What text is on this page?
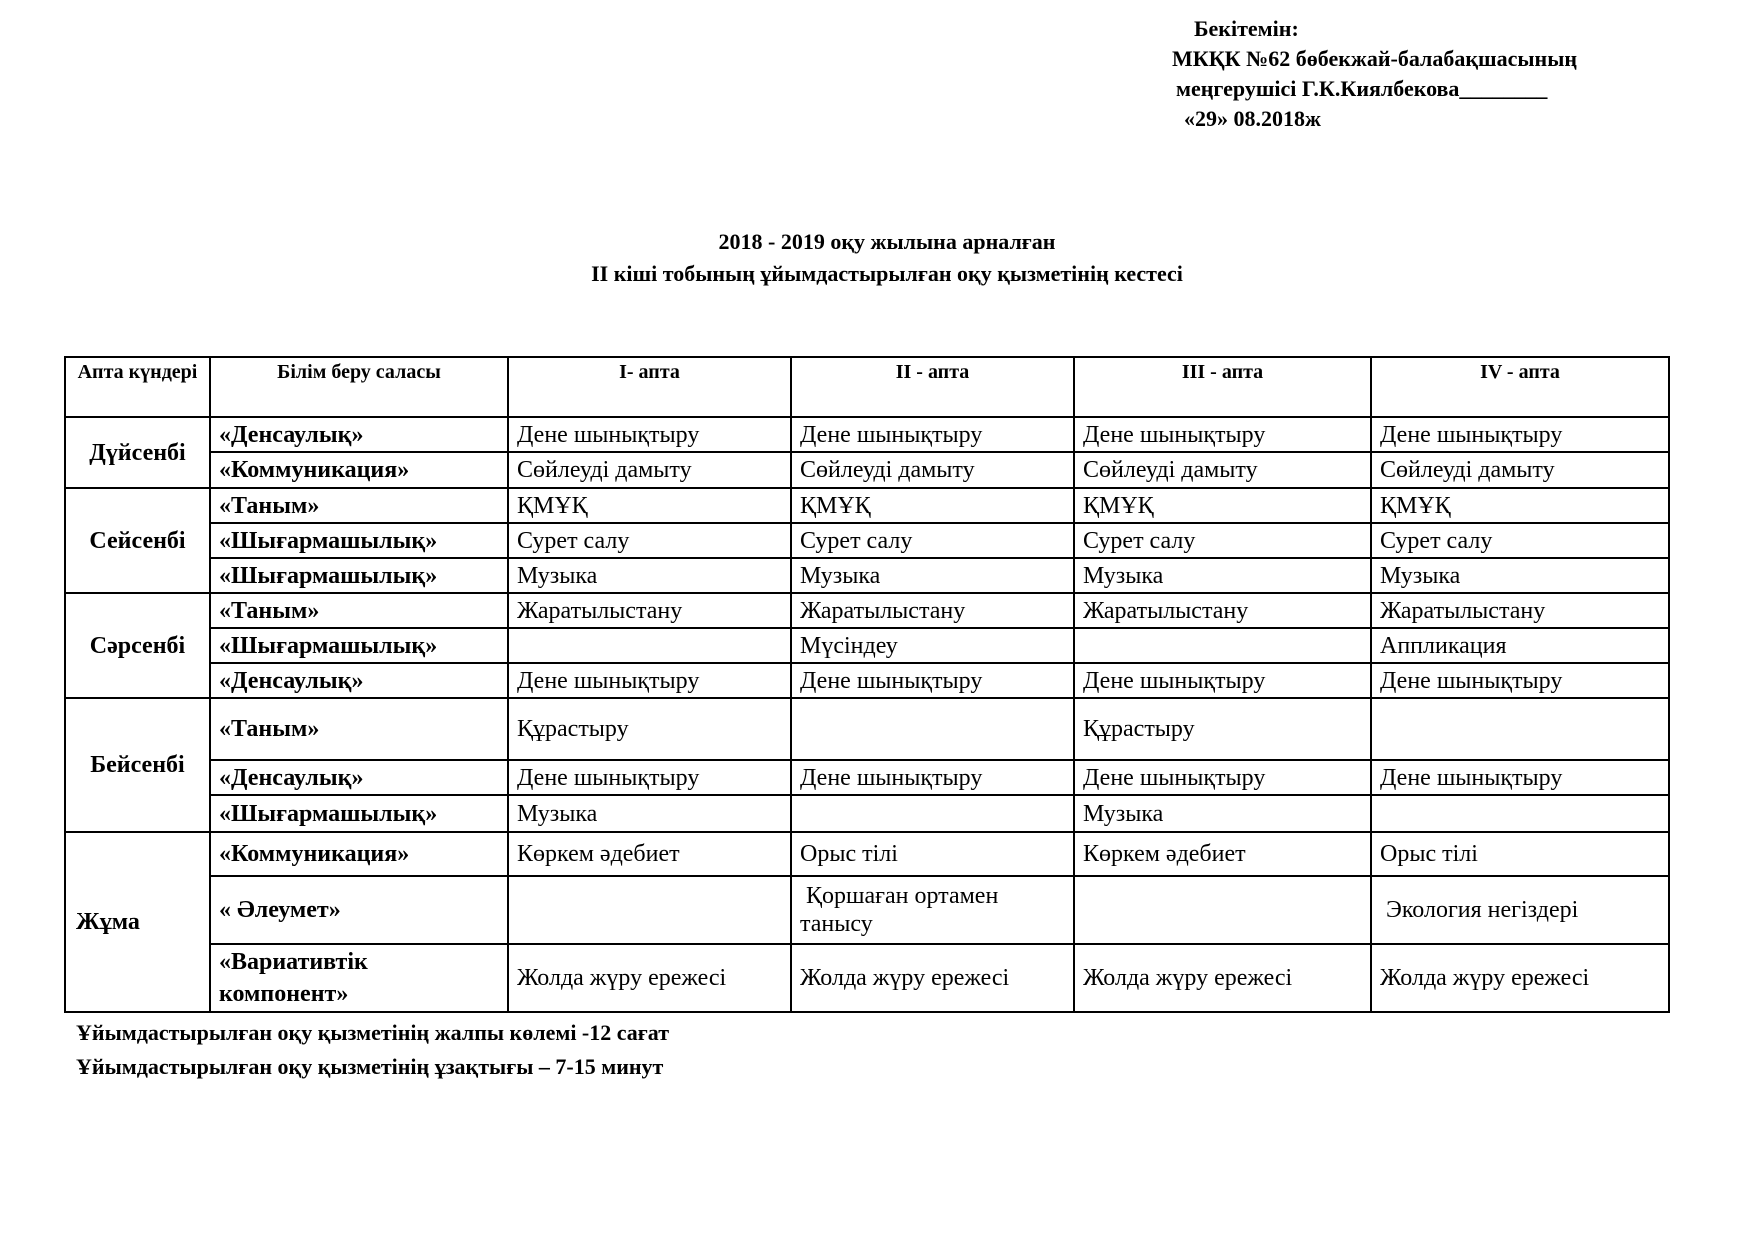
Бекітемін:
МКҚК №62 бөбекжай-балабақшасының
меңгерушісі Г.К.Киялбекова________
«29» 08.2018ж
2018 - 2019 оқу жылына арналған
II кіші тобының ұйымдастырылған оқу қызметінің кестесі
Апта күндері	Білім беру саласы	I- апта	II - апта	III - апта	IV - апта
Дүйсенбі	«Денсаулық»	Дене шынықтыру	Дене шынықтыру	Дене шынықтыру	Дене шынықтыру
	«Коммуникация»	Сөйлеуді дамыту	Сөйлеуді дамыту	Сөйлеуді дамыту	Сөйлеуді дамыту
Сейсенбі	«Таным»	ҚМҰҚ	ҚМҰҚ	ҚМҰҚ	ҚМҰҚ
	«Шығармашылық»	Сурет салу	Сурет салу	Сурет салу	Сурет салу
	«Шығармашылық»	Музыка	Музыка	Музыка	Музыка
Сәрсенбі	«Таным»	Жаратылыстану	Жаратылыстану	Жаратылыстану	Жаратылыстану
	«Шығармашылық»		Мүсіндеу		Аппликация
	«Денсаулық»	Дене шынықтыру	Дене шынықтыру	Дене шынықтыру	Дене шынықтыру
Бейсенбі	«Таным»	Құрастыру		Құрастыру	
	«Денсаулық»	Дене шынықтыру	Дене шынықтыру	Дене шынықтыру	Дене шынықтыру
	«Шығармашылық»	Музыка		Музыка	
Жұма	«Коммуникация»	Көркем әдебиет	Орыс тілі	Көркем әдебиет	Орыс тілі
	« Әлеумет»		Қоршаған ортамен танысу		Экология негіздері
	«Вариативтік компонент»	Жолда жүру ережесі	Жолда жүру ережесі	Жолда жүру ережесі	Жолда жүру ережесі
Ұйымдастырылған оқу қызметінің жалпы көлемі -12 сағат
Ұйымдастырылған оқу қызметінің ұзақтығы – 7-15 минут
